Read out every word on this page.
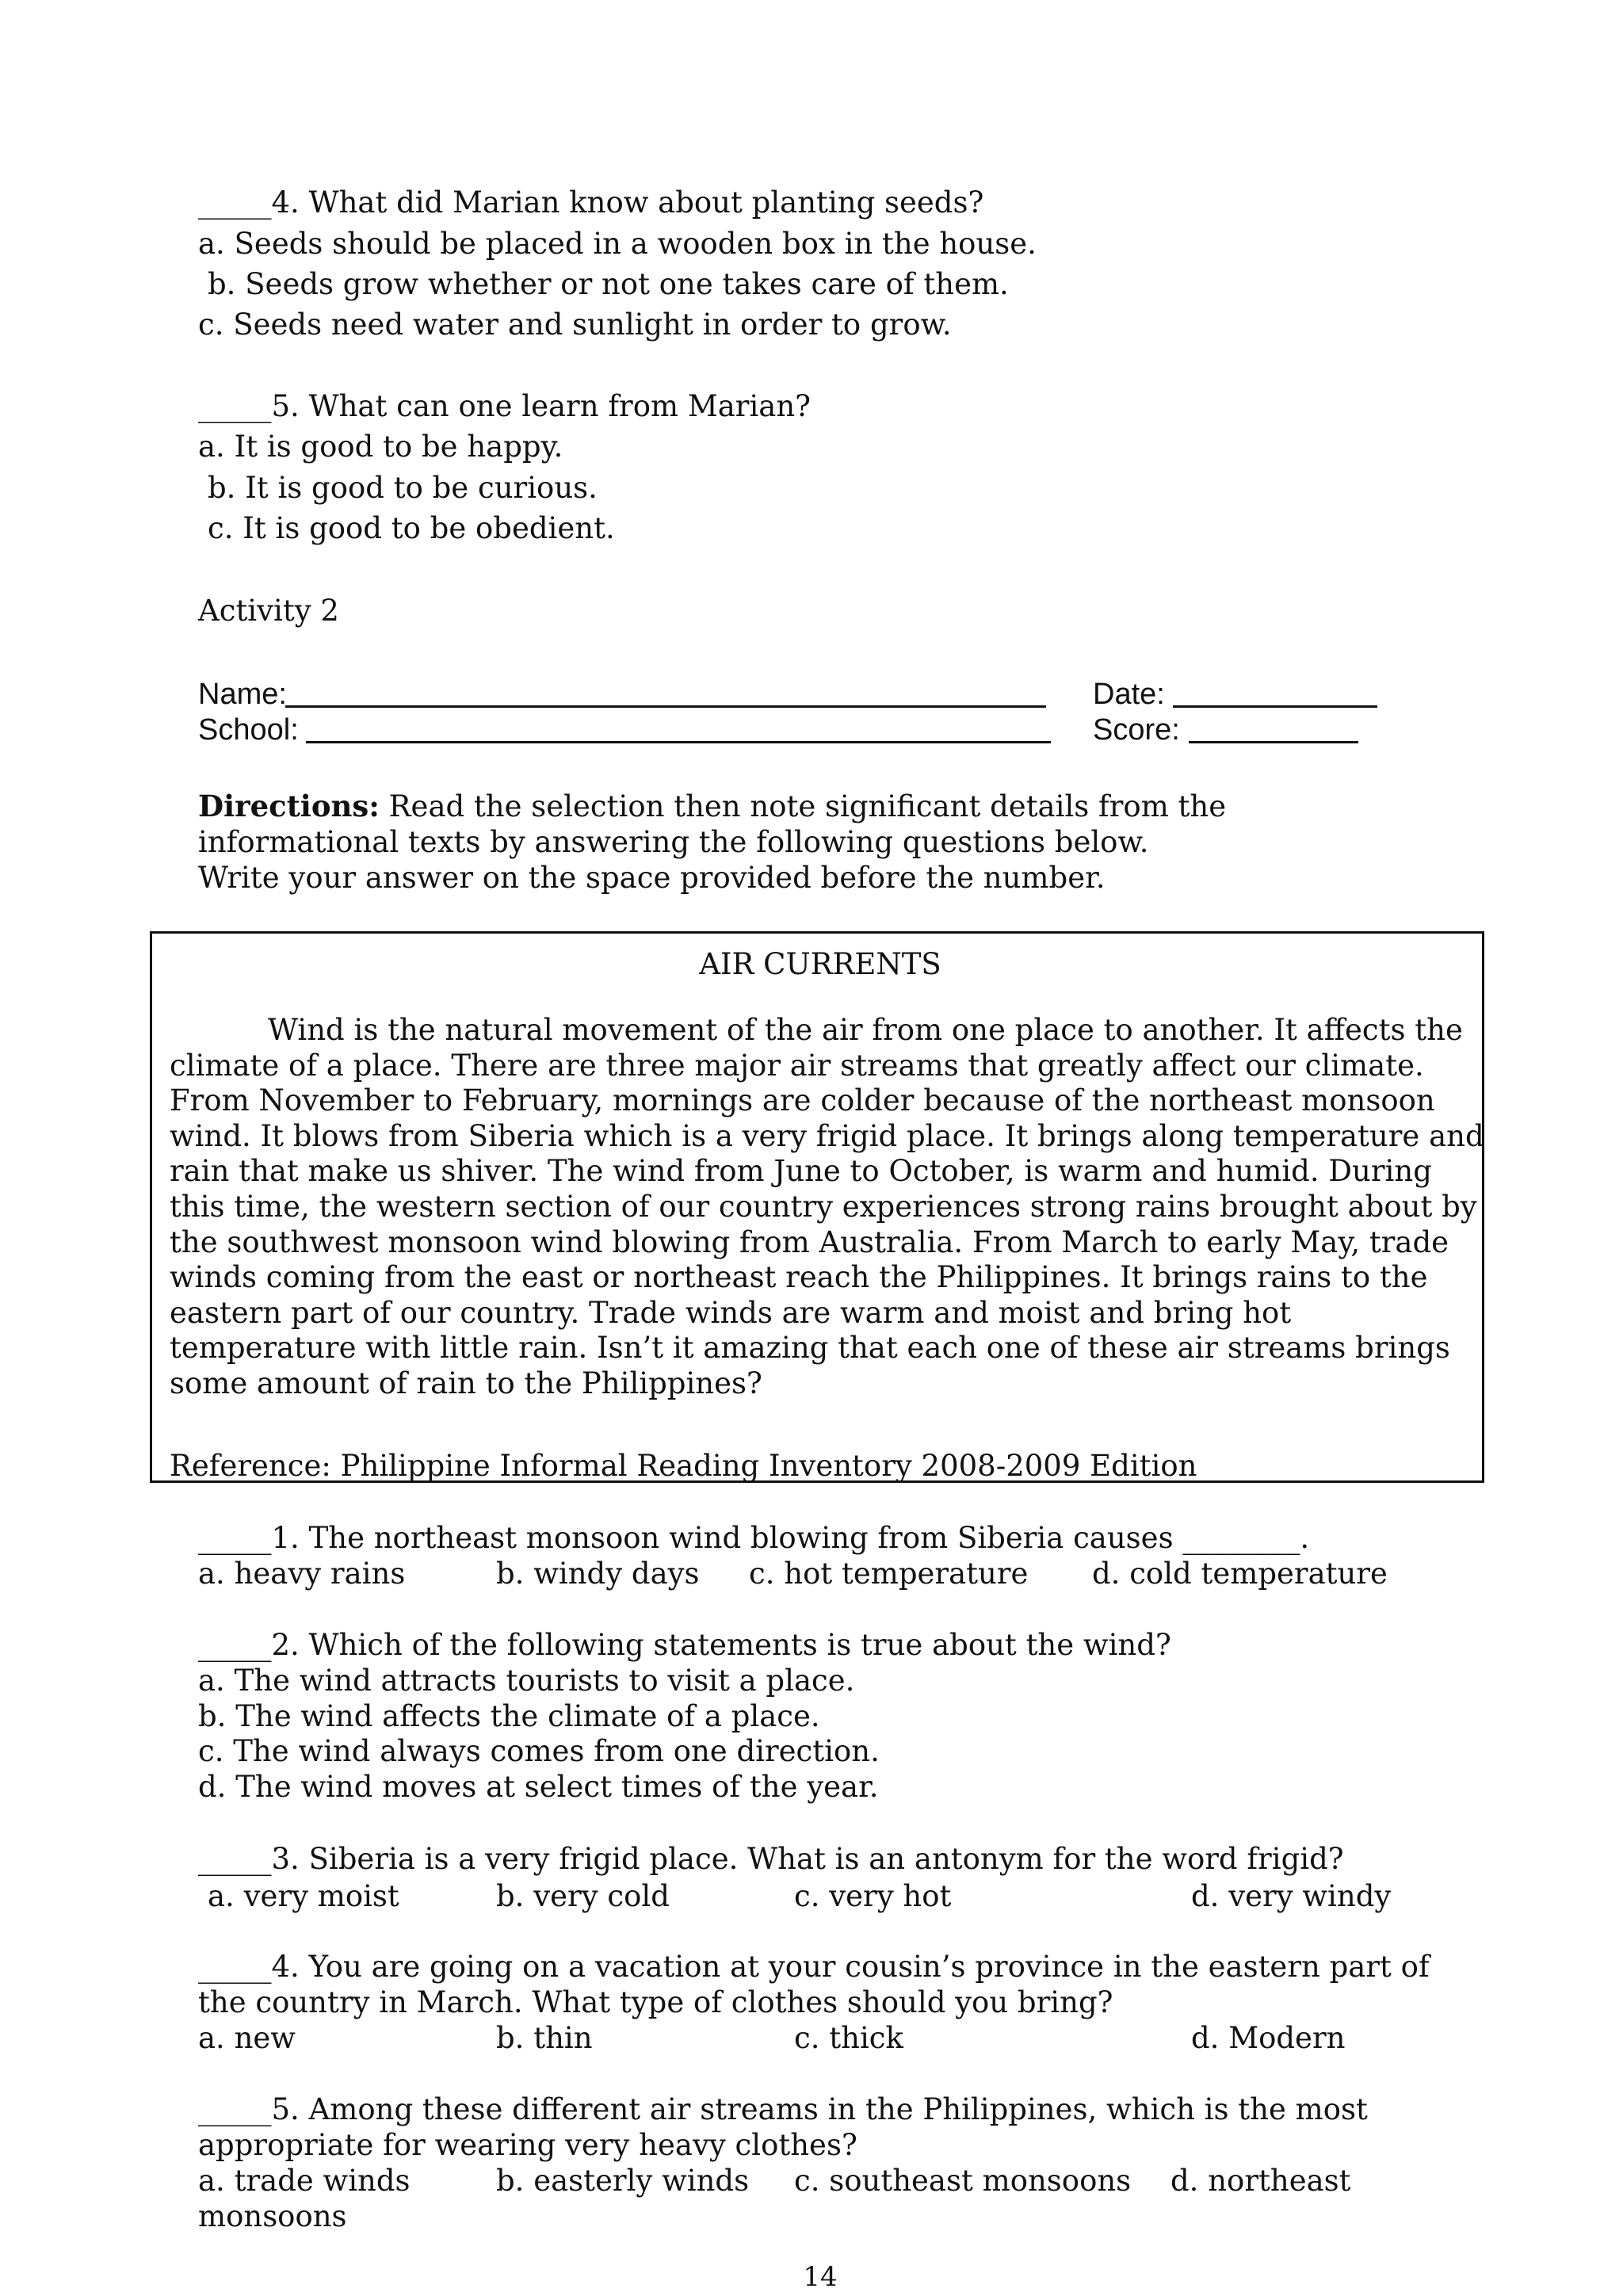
_____4. What did Marian know about planting seeds?
a. Seeds should be placed in a wooden box in the house.
b. Seeds grow whether or not one takes care of them.
c. Seeds need water and sunlight in order to grow.
_____5. What can one learn from Marian?
a. It is good to be happy.
b. It is good to be curious.
c. It is good to be obedient.
Activity 2
Name:	Date:
School:	Score:
Directions: Read the selection then note significant details from the
informational texts by answering the following questions below.
Write your answer on the space provided before the number.
AIR CURRENTS
Wind is the natural movement of the air from one place to another. It affects the
climate of a place. There are three major air streams that greatly affect our climate.
From November to February, mornings are colder because of the northeast monsoon
wind. It blows from Siberia which is a very frigid place. It brings along temperature and
rain that make us shiver. The wind from June to October, is warm and humid. During
this time, the western section of our country experiences strong rains brought about by
the southwest monsoon wind blowing from Australia. From March to early May, trade
winds coming from the east or northeast reach the Philippines. It brings rains to the
eastern part of our country. Trade winds are warm and moist and bring hot
temperature with little rain. Isn’t it amazing that each one of these air streams brings
some amount of rain to the Philippines?
Reference: Philippine Informal Reading Inventory 2008-2009 Edition
_____1. The northeast monsoon wind blowing from Siberia causes ________.
a. heavy rains	b. windy days c. hot temperature d. cold temperature
_____2. Which of the following statements is true about the wind?
a. The wind attracts tourists to visit a place.
b. The wind affects the climate of a place.
c. The wind always comes from one direction.
d. The wind moves at select times of the year.
_____3. Siberia is a very frigid place. What is an antonym for the word frigid?
a. very moist	b. very cold	c. very hot	d. very windy
_____4. You are going on a vacation at your cousin’s province in the eastern part of
the country in March. What type of clothes should you bring?
a. new	b. thin	c. thick	d. Modern
_____5. Among these different air streams in the Philippines, which is the most
appropriate for wearing very heavy clothes?
a. trade winds	b. easterly winds c. southeast monsoons d. northeast
monsoons
14
